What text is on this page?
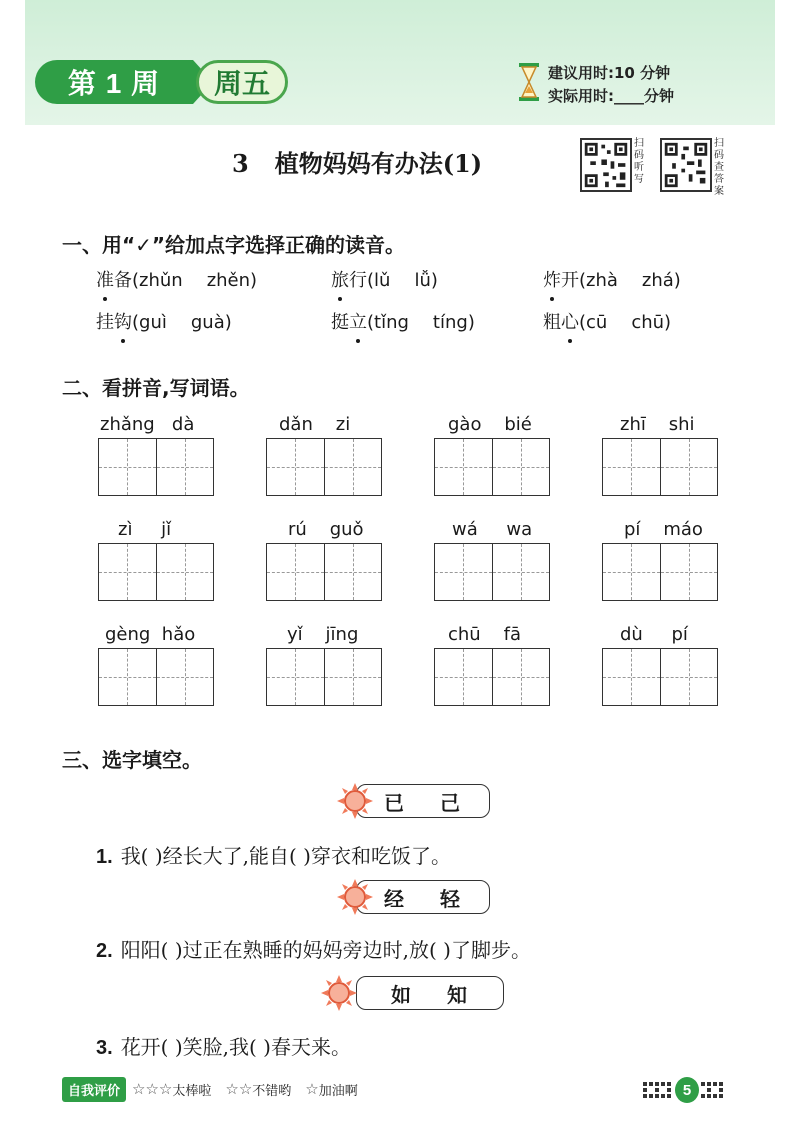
第 1 周	周五	建议用时:10 分钟
实际用时:____分钟
3 植物妈妈有办法(1)
扫码听写
扫码查答案
一、用“✓”给加点字选择正确的读音。
准备(zhǔn zhěn)	旅行(lǔ lǚ)	炸开(zhà zhá)
挂钩(guì guà)	挺立(tǐng tíng)	粗心(cū chū)
二、看拼音,写词语。
zhǎng dà	dǎn zi	gào bié	zhī shi
zì jǐ	rú guǒ	wá wa	pí máo
gèng hǎo	yǐ jīng	chū fā	dù pí
三、选字填空。
已 己
1. 我( )经长大了,能自( )穿衣和吃饭了。
经 轻
2. 阳阳( )过正在熟睡的妈妈旁边时,放( )了脚步。
如 知
3. 花开( )笑脸,我( )春天来。
自我评价 ☆☆☆ 太棒啦 ☆☆ 不错哟 ☆ 加油啊	5
